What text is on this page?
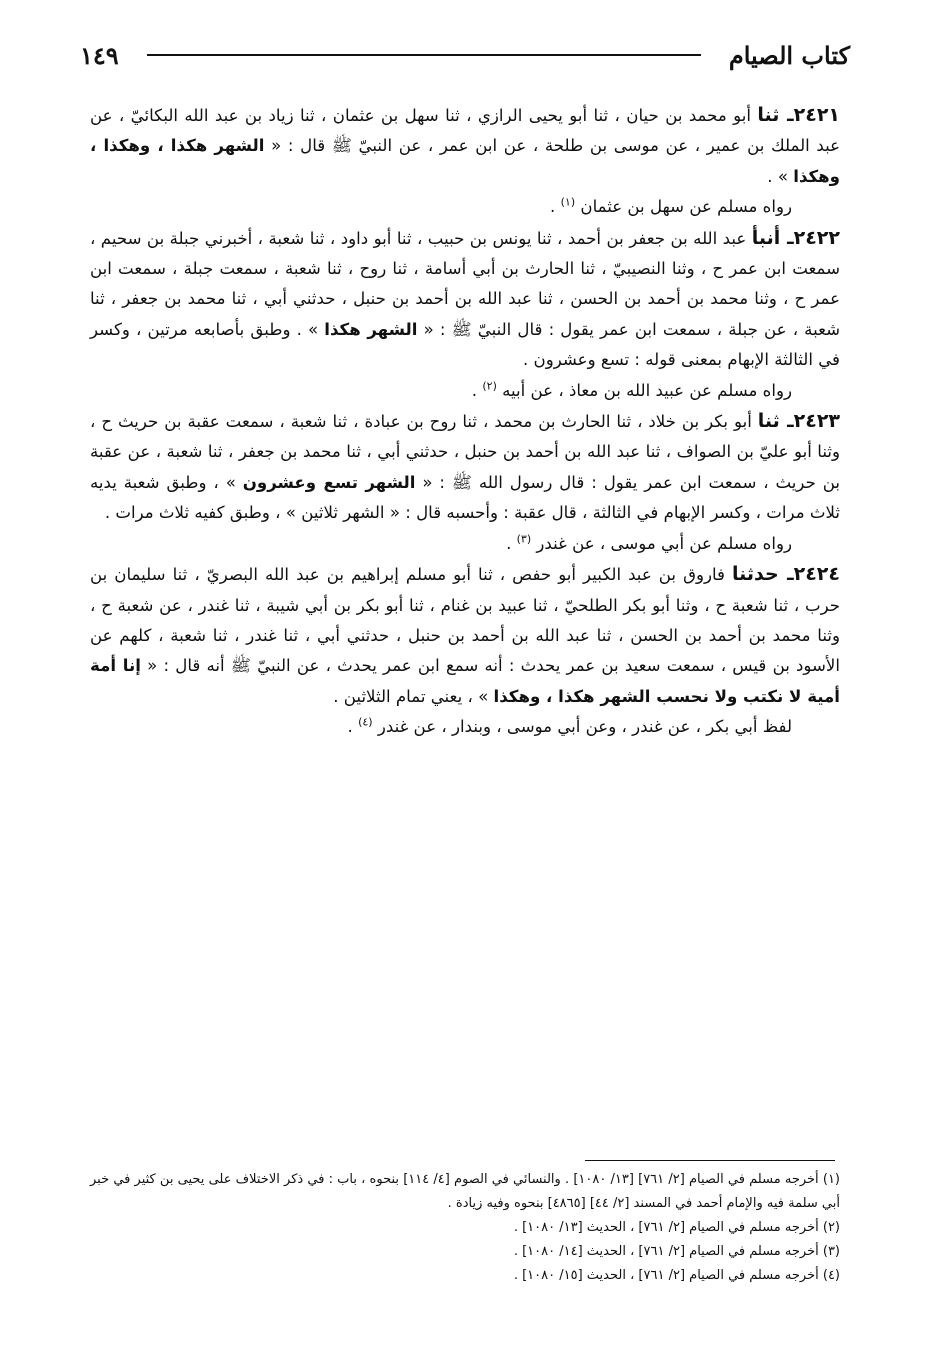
كتاب الصيام
١٤٩

٢٤٢١ـ ثنا أبو محمد بن حيان ، ثنا أبو يحيى الرازي ، ثنا سهل بن عثمان ، ثنا زياد بن عبد الله البكائيّ ، عن عبد الملك بن عمير ، عن موسى بن طلحة ، عن ابن عمر ، عن النبيّ ﷺ قال : « الشهر هكذا ، وهكذا ، وهكذا » .

رواه مسلم عن سهل بن عثمان $^{(١)}$ .

٢٤٢٢ـ أنبأ عبد الله بن جعفر بن أحمد ، ثنا يونس بن حبيب ، ثنا أبو داود ، ثنا شعبة ، أخبرني جبلة بن سحيم ، سمعت ابن عمر ح ، وثنا النصيبيّ ، ثنا الحارث بن أبي أسامة ، ثنا روح ، ثنا شعبة ، سمعت جبلة ، سمعت ابن عمر ح ، وثنا محمد بن أحمد بن الحسن ، ثنا عبد الله بن أحمد بن حنبل ، حدثني أبي ، ثنا محمد بن جعفر ، ثنا شعبة ، عن جبلة ، سمعت ابن عمر يقول : قال النبيّ ﷺ : « الشهر هكذا » . وطبق بأصابعه مرتين ، وكسر في الثالثة الإبهام بمعنى قوله : تسع وعشرون .

رواه مسلم عن عبيد الله بن معاذ ، عن أبيه $^{(٢)}$ .

٢٤٢٣ـ ثنا أبو بكر بن خلاد ، ثنا الحارث بن محمد ، ثنا روح بن عبادة ، ثنا شعبة ، سمعت عقبة بن حريث ح ، وثنا أبو عليّ بن الصواف ، ثنا عبد الله بن أحمد بن حنبل ، حدثني أبي ، ثنا محمد بن جعفر ، ثنا شعبة ، عن عقبة بن حريث ، سمعت ابن عمر يقول : قال رسول الله ﷺ : « الشهر تسع وعشرون » ، وطبق شعبة يديه ثلاث مرات ، وكسر الإبهام في الثالثة ، قال عقبة : وأحسبه قال : « الشهر ثلاثين » ، وطبق كفيه ثلاث مرات .

رواه مسلم عن أبي موسى ، عن غندر $^{(٣)}$ .

٢٤٢٤ـ حدثنا فاروق بن عبد الكبير أبو حفص ، ثنا أبو مسلم إبراهيم بن عبد الله البصريّ ، ثنا سليمان بن حرب ، ثنا شعبة ح ، وثنا أبو بكر الطلحيّ ، ثنا عبيد بن غنام ، ثنا أبو بكر بن أبي شيبة ، ثنا غندر ، عن شعبة ح ، وثنا محمد بن أحمد بن الحسن ، ثنا عبد الله بن أحمد بن حنبل ، حدثني أبي ، ثنا غندر ، ثنا شعبة ، كلهم عن الأسود بن قيس ، سمعت سعيد بن عمر يحدث : أنه سمع ابن عمر يحدث ، عن النبيّ ﷺ أنه قال : « إنا أمة أمية لا نكتب ولا نحسب الشهر هكذا ، وهكذا » ، يعني تمام الثلاثين .

لفظ أبي بكر ، عن غندر ، وعن أبي موسى ، وبندار ، عن غندر $^{(٤)}$ .

(١) أخرجه مسلم في الصيام [٢/ ٧٦١] [١٣/ ١٠٨٠] . والنسائي في الصوم [٤/ ١١٤] بنحوه ، باب : في ذكر الاختلاف على يحيى بن كثير في خبر أبي سلمة فيه والإمام أحمد في المسند [٢/ ٤٤] [٤٨٦٥] بنحوه وفيه زيادة .

(٢) أخرجه مسلم في الصيام [٢/ ٧٦١] ، الحديث [١٣/ ١٠٨٠] .

(٣) أخرجه مسلم في الصيام [٢/ ٧٦١] ، الحديث [١٤/ ١٠٨٠] .

(٤) أخرجه مسلم في الصيام [٢/ ٧٦١] ، الحديث [١٥/ ١٠٨٠] .
